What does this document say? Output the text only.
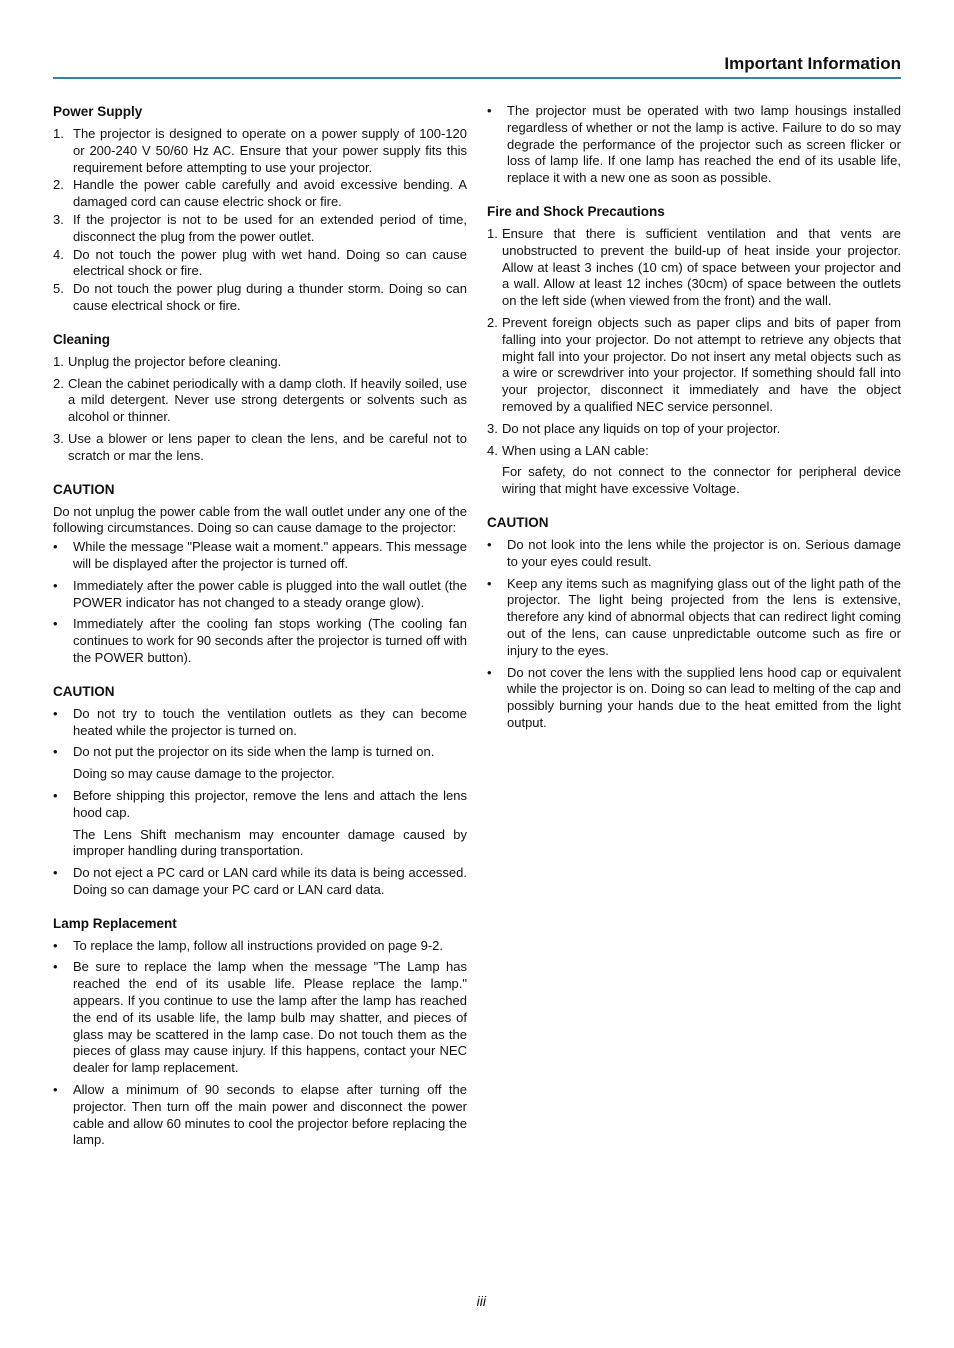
Important Information
Power Supply
1. The projector is designed to operate on a power supply of 100-120 or 200-240 V 50/60 Hz AC. Ensure that your power supply fits this requirement before attempting to use your projector.
2. Handle the power cable carefully and avoid excessive bending. A damaged cord can cause electric shock or fire.
3. If the projector is not to be used for an extended period of time, disconnect the plug from the power outlet.
4. Do not touch the power plug with wet hand. Doing so can cause electrical shock or fire.
5. Do not touch the power plug during a thunder storm. Doing so can cause electrical shock or fire.
Cleaning
1. Unplug the projector before cleaning.
2. Clean the cabinet periodically with a damp cloth. If heavily soiled, use a mild detergent. Never use strong detergents or solvents such as alcohol or thinner.
3. Use a blower or lens paper to clean the lens, and be careful not to scratch or mar the lens.
CAUTION

Do not unplug the power cable from the wall outlet under any one of the following circumstances. Doing so can cause damage to the projector:

• While the message "Please wait a moment." appears. This message will be displayed after the projector is turned off.
• Immediately after the power cable is plugged into the wall outlet (the POWER indicator has not changed to a steady orange glow).
• Immediately after the cooling fan stops working (The cooling fan continues to work for 90 seconds after the projector is turned off with the POWER button).
CAUTION
• Do not try to touch the ventilation outlets as they can become heated while the projector is turned on.
• Do not put the projector on its side when the lamp is turned on.
Doing so may cause damage to the projector.
• Before shipping this projector, remove the lens and attach the lens hood cap.
The Lens Shift mechanism may encounter damage caused by improper handling during transportation.
• Do not eject a PC card or LAN card while its data is being accessed. Doing so can damage your PC card or LAN card data.
Lamp Replacement
• To replace the lamp, follow all instructions provided on page 9-2.
• Be sure to replace the lamp when the message "The Lamp has reached the end of its usable life. Please replace the lamp." appears. If you continue to use the lamp after the lamp has reached the end of its usable life, the lamp bulb may shatter, and pieces of glass may be scattered in the lamp case. Do not touch them as the pieces of glass may cause injury. If this happens, contact your NEC dealer for lamp replacement.
• Allow a minimum of 90 seconds to elapse after turning off the projector. Then turn off the main power and disconnect the power cable and allow 60 minutes to cool the projector before replacing the lamp.
• The projector must be operated with two lamp housings installed regardless of whether or not the lamp is active. Failure to do so may degrade the performance of the projector such as screen flicker or loss of lamp life. If one lamp has reached the end of its usable life, replace it with a new one as soon as possible.
Fire and Shock Precautions
1. Ensure that there is sufficient ventilation and that vents are unobstructed to prevent the build-up of heat inside your projector. Allow at least 3 inches (10 cm) of space between your projector and a wall. Allow at least 12 inches (30cm) of space between the outlets on the left side (when viewed from the front) and the wall.
2. Prevent foreign objects such as paper clips and bits of paper from falling into your projector. Do not attempt to retrieve any objects that might fall into your projector. Do not insert any metal objects such as a wire or screwdriver into your projector. If something should fall into your projector, disconnect it immediately and have the object removed by a qualified NEC service personnel.
3. Do not place any liquids on top of your projector.
4. When using a LAN cable:
For safety, do not connect to the connector for peripheral device wiring that might have excessive Voltage.
CAUTION
• Do not look into the lens while the projector is on. Serious damage to your eyes could result.
• Keep any items such as magnifying glass out of the light path of the projector. The light being projected from the lens is extensive, therefore any kind of abnormal objects that can redirect light coming out of the lens, can cause unpredictable outcome such as fire or injury to the eyes.
• Do not cover the lens with the supplied lens hood cap or equivalent while the projector is on. Doing so can lead to melting of the cap and possibly burning your hands due to the heat emitted from the light output.

iii
